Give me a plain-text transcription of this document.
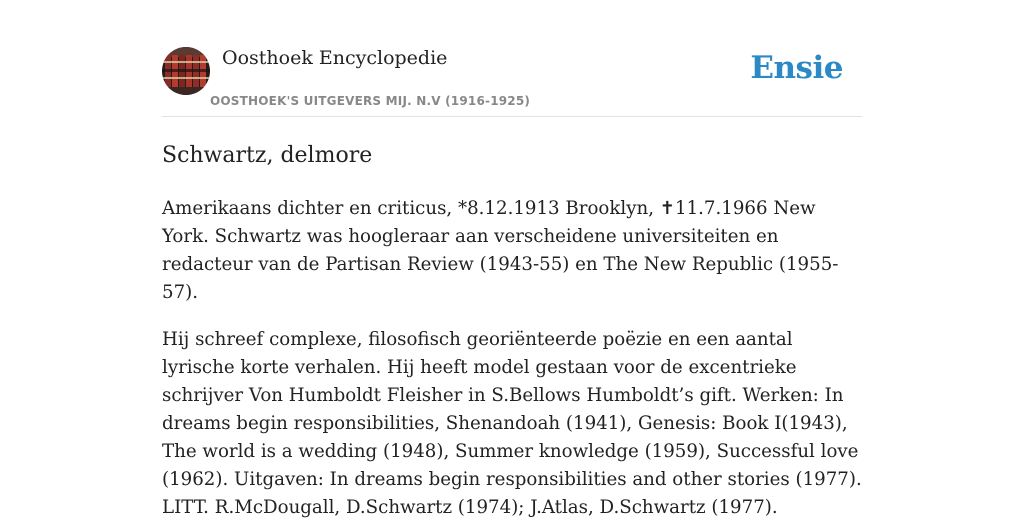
Oosthoek Encyclopedie
OOSTHOEK'S UITGEVERS MIJ. N.V (1916-1925)
Ensie
Schwartz, delmore

Amerikaans dichter en criticus, *8.12.1913 Brooklyn, ✝11.7.1966 New York. Schwartz was hoogleraar aan verscheidene universiteiten en redacteur van de Partisan Review (1943-55) en The New Republic (1955-57).

Hij schreef complexe, filosofisch georiënteerde poëzie en een aantal lyrische korte verhalen. Hij heeft model gestaan voor de excentrieke schrijver Von Humboldt Fleisher in S.Bellows Humboldt’s gift. Werken: In dreams begin responsibilities, Shenandoah (1941), Genesis: Book I(1943), The world is a wedding (1948), Summer knowledge (1959), Successful love (1962). Uitgaven: In dreams begin responsibilities and other stories (1977). LITT. R.McDougall, D.Schwartz (1974); J.Atlas, D.Schwartz (1977).
